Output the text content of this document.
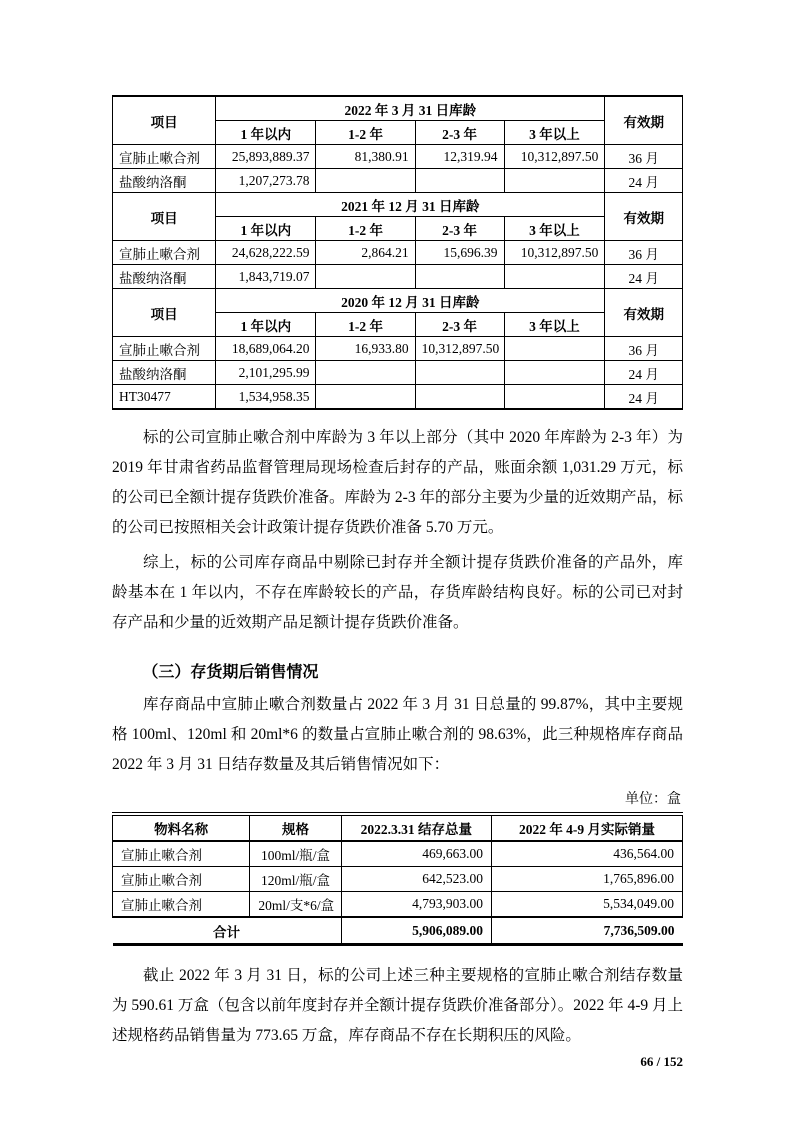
项目	2022 年 3 月 31 日库龄				有效期
	1 年以内	1-2 年	2-3 年	3 年以上	
宣肺止嗽合剂	25,893,889.37	81,380.91	12,319.94	10,312,897.50	36 月
盐酸纳洛酮	1,207,273.78				24 月
项目	2021 年 12 月 31 日库龄				有效期
	1 年以内	1-2 年	2-3 年	3 年以上	
宣肺止嗽合剂	24,628,222.59	2,864.21	15,696.39	10,312,897.50	36 月
盐酸纳洛酮	1,843,719.07				24 月
项目	2020 年 12 月 31 日库龄				有效期
	1 年以内	1-2 年	2-3 年	3 年以上	
宣肺止嗽合剂	18,689,064.20	16,933.80	10,312,897.50		36 月
盐酸纳洛酮	2,101,295.99				24 月
HT30477	1,534,958.35				24 月

标的公司宣肺止嗽合剂中库龄为 3 年以上部分（其中 2020 年库龄为 2-3 年）为 2019 年甘肃省药品监督管理局现场检查后封存的产品，账面余额 1,031.29 万元，标的公司已全额计提存货跌价准备。库龄为 2-3 年的部分主要为少量的近效期产品，标的公司已按照相关会计政策计提存货跌价准备 5.70 万元。

综上，标的公司库存商品中剔除已封存并全额计提存货跌价准备的产品外，库龄基本在 1 年以内，不存在库龄较长的产品，存货库龄结构良好。标的公司已对封存产品和少量的近效期产品足额计提存货跌价准备。

（三）存货期后销售情况

库存商品中宣肺止嗽合剂数量占 2022 年 3 月 31 日总量的 99.87%，其中主要规格 100ml、120ml 和 20ml*6 的数量占宣肺止嗽合剂的 98.63%，此三种规格库存商品 2022 年 3 月 31 日结存数量及其后销售情况如下：

单位：盒
物料名称	规格	2022.3.31 结存总量	2022 年 4-9 月实际销量
宣肺止嗽合剂	100ml/瓶/盒	469,663.00	436,564.00
宣肺止嗽合剂	120ml/瓶/盒	642,523.00	1,765,896.00
宣肺止嗽合剂	20ml/支*6/盒	4,793,903.00	5,534,049.00
合计		5,906,089.00	7,736,509.00

截止 2022 年 3 月 31 日，标的公司上述三种主要规格的宣肺止嗽合剂结存数量为 590.61 万盒（包含以前年度封存并全额计提存货跌价准备部分）。2022 年 4-9 月上述规格药品销售量为 773.65 万盒，库存商品不存在长期积压的风险。

66 / 152
